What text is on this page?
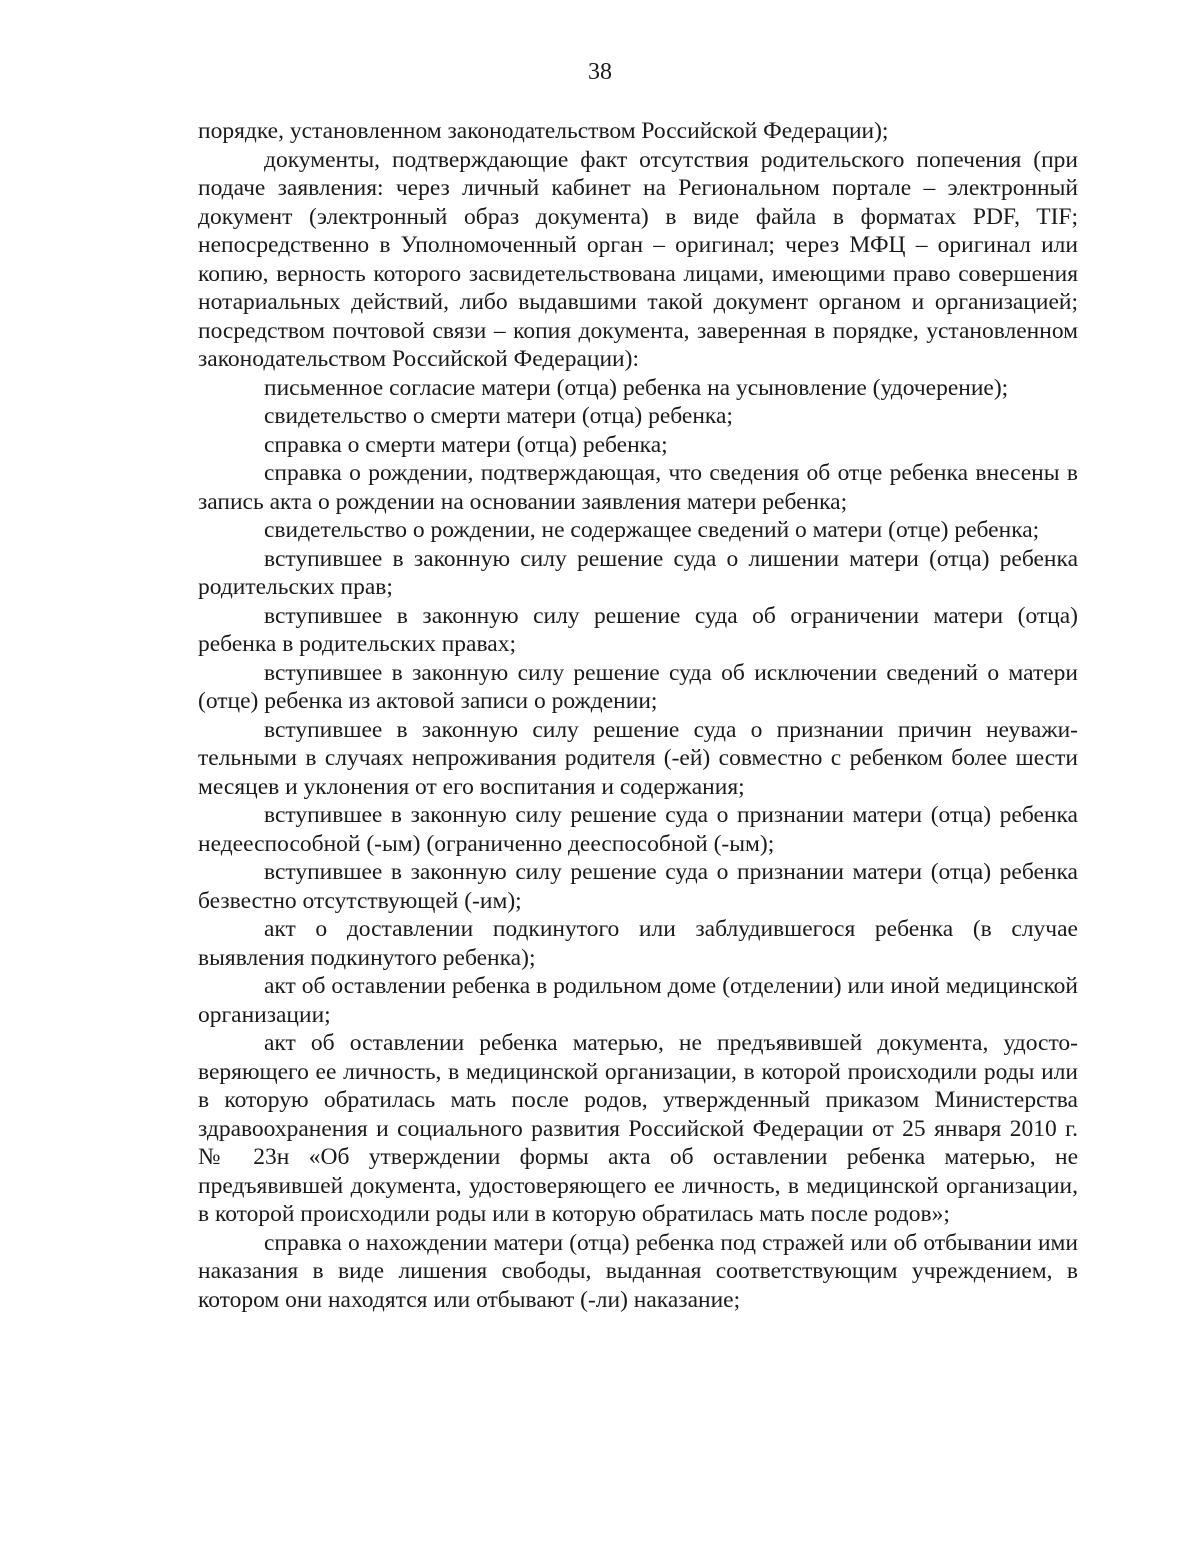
38

порядке, установленном законодательством Российской Федерации);

документы, подтверждающие факт отсутствия родительского попечения (при подаче заявления: через личный кабинет на Региональном портале – электронный документ (электронный образ документа) в виде файла в форматах PDF, TIF; непосредственно в Уполномоченный орган – оригинал; через МФЦ – оригинал или копию, верность которого засвидетельствована лицами, имеющими право совершения нотариальных действий, либо выдавшими такой документ органом и организацией; посредством почтовой связи – копия документа, заверенная в порядке, установленном законодательством Российской Федерации):

письменное согласие матери (отца) ребенка на усыновление (удочерение);

свидетельство о смерти матери (отца) ребенка;

справка о смерти матери (отца) ребенка;

справка о рождении, подтверждающая, что сведения об отце ребенка внесены в запись акта о рождении на основании заявления матери ребенка;

свидетельство о рождении, не содержащее сведений о матери (отце) ребенка;

вступившее в законную силу решение суда о лишении матери (отца) ребенка родительских прав;

вступившее в законную силу решение суда об ограничении матери (отца) ребенка в родительских правах;

вступившее в законную силу решение суда об исключении сведений о матери (отце) ребенка из актовой записи о рождении;

вступившее в законную силу решение суда о признании причин неуважительными в случаях непроживания родителя (-ей) совместно с ребенком более шести месяцев и уклонения от его воспитания и содержания;

вступившее в законную силу решение суда о признании матери (отца) ребенка недееспособной (-ым) (ограниченно дееспособной (-ым);

вступившее в законную силу решение суда о признании матери (отца) ребенка безвестно отсутствующей (-им);

акт о доставлении подкинутого или заблудившегося ребенка (в случае выявления подкинутого ребенка);

акт об оставлении ребенка в родильном доме (отделении) или иной медицинской организации;

акт об оставлении ребенка матерью, не предъявившей документа, удостоверяющего ее личность, в медицинской организации, в которой происходили роды или в которую обратилась мать после родов, утвержденный приказом Министерства здравоохранения и социального развития Российской Федерации от 25 января 2010 г. № 23н «Об утверждении формы акта об оставлении ребенка матерью, не предъявившей документа, удостоверяющего ее личность, в медицинской организации, в которой происходили роды или в которую обратилась мать после родов»;

справка о нахождении матери (отца) ребенка под стражей или об отбывании ими наказания в виде лишения свободы, выданная соответствующим учреждением, в котором они находятся или отбывают (-ли) наказание;
